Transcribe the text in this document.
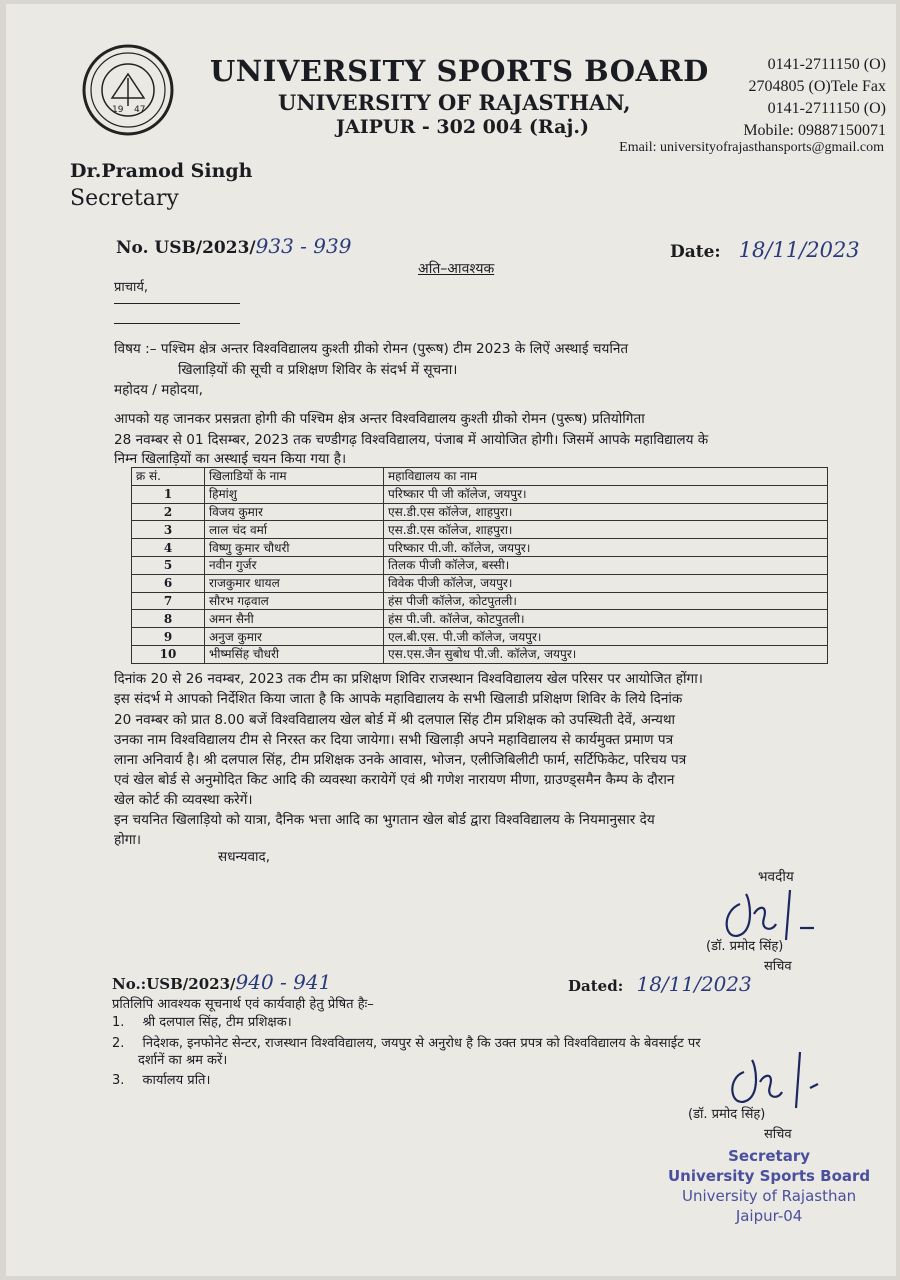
19 47
UNIVERSITY SPORTS BOARD
UNIVERSITY OF RAJASTHAN,
JAIPUR - 302 004 (Raj.)
0141-2711150 (O)
2704805 (O)Tele Fax
0141-2711150 (O)
Mobile: 09887150071
Email: universityofrajasthansports@gmail.com
Dr.Pramod Singh
Secretary
No. USB/2023/933 - 939	Date: 18/11/2023
अति–आवश्यक
प्राचार्य,
विषय :– पश्चिम क्षेत्र अन्तर विश्वविद्यालय कुश्ती ग्रीको रोमन (पुरूष) टीम 2023 के लिऐं अस्थाई चयनित
खिलाड़ियों की सूची व प्रशिक्षण शिविर के संदर्भ में सूचना।
महोदय / महोदया,
आपको यह जानकर प्रसन्नता होगी की पश्चिम क्षेत्र अन्तर विश्वविद्यालय कुश्ती ग्रीको रोमन (पुरूष) प्रतियोगिता
28 नवम्बर से 01 दिसम्बर, 2023 तक चण्डीगढ़ विश्वविद्यालय, पंजाब में आयोजित होगी। जिसमें आपके महाविद्यालय के
निम्न खिलाड़ियों का अस्थाई चयन किया गया है।
क्र सं.	खिलाडियों के नाम	महाविद्यालय का नाम
1	हिमांशु	परिष्कार पी जी कॉलेज, जयपुर।
2	विजय कुमार	एस.डी.एस कॉलेज, शाहपुरा।
3	लाल चंद वर्मा	एस.डी.एस कॉलेज, शाहपुरा।
4	विष्णु कुमार चौधरी	परिष्कार पी.जी. कॉलेज, जयपुर।
5	नवीन गुर्जर	तिलक पीजी कॉलेज, बस्सी।
6	राजकुमार धायल	विवेक पीजी कॉलेज, जयपुर।
7	सौरभ गढ़वाल	हंस पीजी कॉलेज, कोटपुतली।
8	अमन सैनी	हंस पी.जी. कॉलेज, कोटपुतली।
9	अनुज कुमार	एल.बी.एस. पी.जी कॉलेज, जयपुर।
10	भीष्मसिंह चौधरी	एस.एस.जैन सुबोध पी.जी. कॉलेज, जयपुर।
दिनांक 20 से 26 नवम्बर, 2023 तक टीम का प्रशिक्षण शिविर राजस्थान विश्वविद्यालय खेल परिसर पर आयोजित होंगा।
इस संदर्भ मे आपको निर्देशित किया जाता है कि आपके महाविद्यालय के सभी खिलाडी प्रशिक्षण शिविर के लिये दिनांक
20 नवम्बर को प्रात 8.00 बजें विश्वविद्यालय खेल बोर्ड में श्री दलपाल सिंह टीम प्रशिक्षक को उपस्थिती देवें, अन्यथा
उनका नाम विश्वविद्यालय टीम से निरस्त कर दिया जायेगा। सभी खिलाड़ी अपने महाविद्यालय से कार्यमुक्त प्रमाण पत्र
लाना अनिवार्य है। श्री दलपाल सिंह, टीम प्रशिक्षक उनके आवास, भोजन, एलीजिबिलीटी फार्म, सर्टिफिकेट, परिचय पत्र
एवं खेल बोर्ड से अनुमोदित किट आदि की व्यवस्था करायेगें एवं श्री गणेश नारायण मीणा, ग्राउण्ड्समैन कैम्प के दौरान
खेल कोर्ट की व्यवस्था करेगें।
इन चयनित खिलाड़ियो को यात्रा, दैनिक भत्ता आदि का भुगतान खेल बोर्ड द्वारा विश्वविद्यालय के नियमानुसार देय
होगा।
सधन्यवाद,
भवदीय
(डॉ. प्रमोद सिंह)
सचिव
No.:USB/2023/940 - 941	Dated: 18/11/2023
प्रतिलिपि आवश्यक सूचनार्थ एवं कार्यवाही हेतु प्रेषित हैः–
1. श्री दलपाल सिंह, टीम प्रशिक्षक।
2. निदेशक, इनफोनेट सेन्टर, राजस्थान विश्वविद्यालय, जयपुर से अनुरोध है कि उक्त प्रपत्र को विश्वविद्यालय के बेवसाईट पर
दर्शानें का श्रम करें।
3. कार्यालय प्रति।
(डॉ. प्रमोद सिंह)
सचिव
Secretary
University Sports Board
University of Rajasthan
Jaipur-04
